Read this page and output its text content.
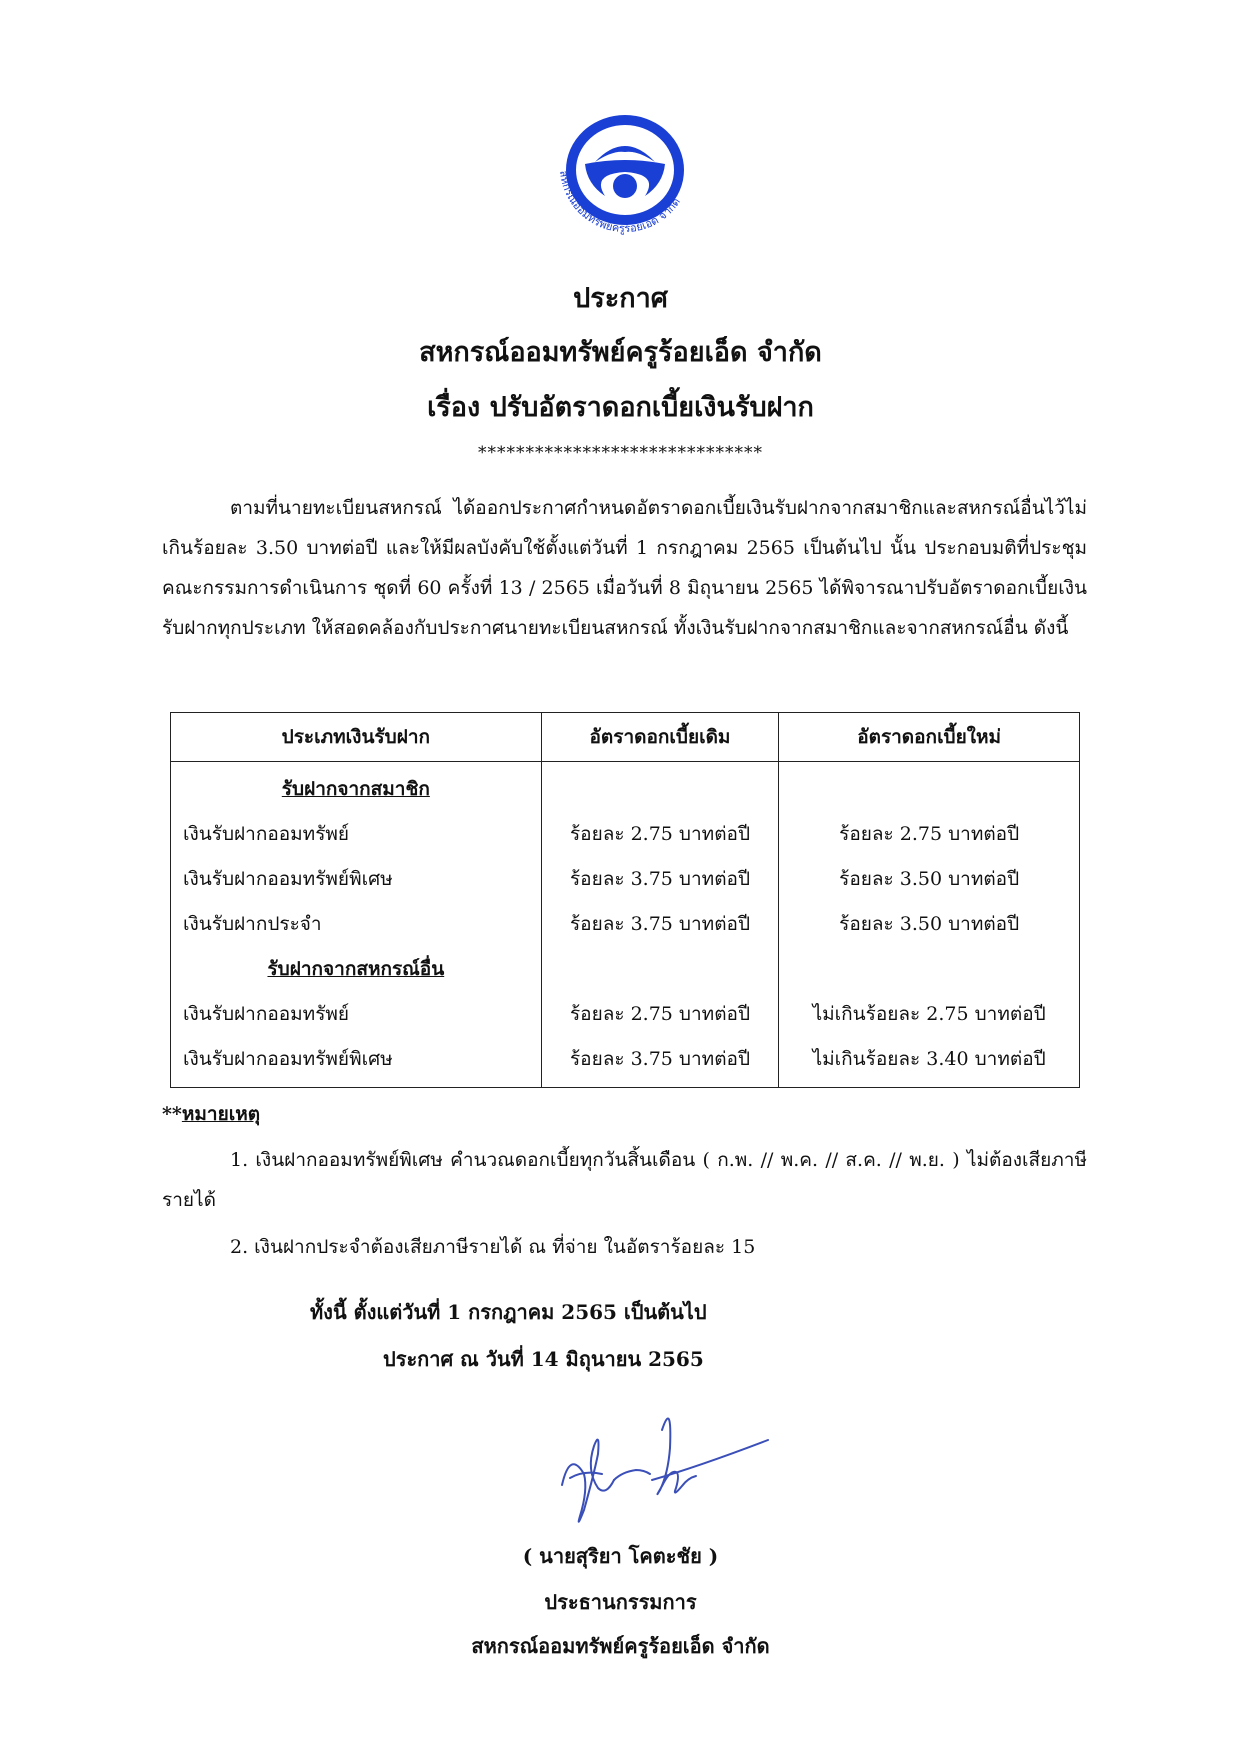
สหกรณ์ออมทรัพย์ครูร้อยเอ็ด จำกัด
ประกาศ
สหกรณ์ออมทรัพย์ครูร้อยเอ็ด จำกัด
เรื่อง ปรับอัตราดอกเบี้ยเงินรับฝาก
******************************
ตามที่นายทะเบียนสหกรณ์ ได้ออกประกาศกำหนดอัตราดอกเบี้ยเงินรับฝากจากสมาชิกและสหกรณ์อื่นไว้ไม่เกินร้อยละ 3.50 บาทต่อปี และให้มีผลบังคับใช้ตั้งแต่วันที่ 1 กรกฎาคม 2565 เป็นต้นไป นั้น ประกอบมติที่ประชุมคณะกรรมการดำเนินการ ชุดที่ 60 ครั้งที่ 13 / 2565 เมื่อวันที่ 8 มิถุนายน 2565 ได้พิจารณาปรับอัตราดอกเบี้ยเงินรับฝากทุกประเภท ให้สอดคล้องกับประกาศนายทะเบียนสหกรณ์ ทั้งเงินรับฝากจากสมาชิกและจากสหกรณ์อื่น ดังนี้
ประเภทเงินรับฝาก	อัตราดอกเบี้ยเดิม	อัตราดอกเบี้ยใหม่
รับฝากจากสมาชิก		
เงินรับฝากออมทรัพย์	ร้อยละ 2.75 บาทต่อปี	ร้อยละ 2.75 บาทต่อปี
เงินรับฝากออมทรัพย์พิเศษ	ร้อยละ 3.75 บาทต่อปี	ร้อยละ 3.50 บาทต่อปี
เงินรับฝากประจำ	ร้อยละ 3.75 บาทต่อปี	ร้อยละ 3.50 บาทต่อปี
รับฝากจากสหกรณ์อื่น		
เงินรับฝากออมทรัพย์	ร้อยละ 2.75 บาทต่อปี	ไม่เกินร้อยละ 2.75 บาทต่อปี
เงินรับฝากออมทรัพย์พิเศษ	ร้อยละ 3.75 บาทต่อปี	ไม่เกินร้อยละ 3.40 บาทต่อปี
**หมายเหตุ
1. เงินฝากออมทรัพย์พิเศษ คำนวณดอกเบี้ยทุกวันสิ้นเดือน ( ก.พ. // พ.ค. // ส.ค. // พ.ย. ) ไม่ต้องเสียภาษีรายได้
2. เงินฝากประจำต้องเสียภาษีรายได้ ณ ที่จ่าย ในอัตราร้อยละ 15
ทั้งนี้ ตั้งแต่วันที่ 1 กรกฎาคม 2565 เป็นต้นไป
ประกาศ ณ วันที่ 14 มิถุนายน 2565
( นายสุริยา โคตะชัย )
ประธานกรรมการ
สหกรณ์ออมทรัพย์ครูร้อยเอ็ด จำกัด
